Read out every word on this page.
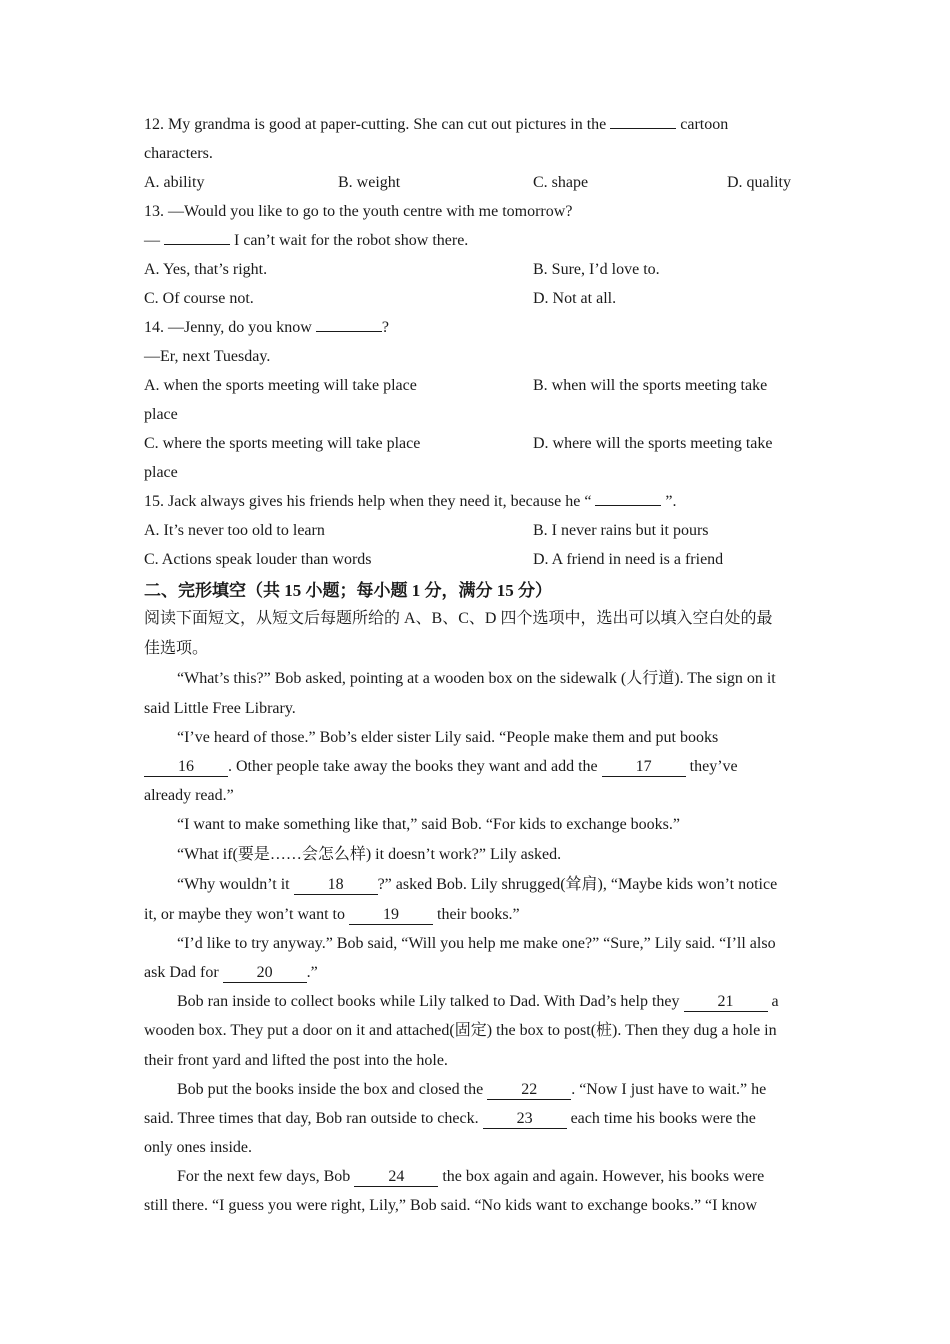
12. My grandma is good at paper-cutting. She can cut out pictures in the	cartoon
characters.
A. ability	B. weight	C. shape	D. quality
13. —Would you like to go to the youth centre with me tomorrow?
—	I can’t wait for the robot show there.
A. Yes, that’s right.	B. Sure, I’d love to.
C. Of course not.	D. Not at all.
14. —Jenny, do you know	?
—Er, next Tuesday.
A. when the sports meeting will take place	B. when will the sports meeting take
place
C. where the sports meeting will take place	D. where will the sports meeting take
place
15. Jack always gives his friends help when they need it, because he “	”.
A. It’s never too old to learn	B. I never rains but it pours
C. Actions speak louder than words	D. A friend in need is a friend
二、完形填空（共 15 小题；每小题 1 分，满分 15 分）
阅读下面短文，从短文后每题所给的 A、B、C、D 四个选项中，选出可以填入空白处的最
佳选项。
“What’s this?” Bob asked, pointing at a wooden box on the sidewalk (人行道). The sign on it
said Little Free Library.
“I’ve heard of those.” Bob’s elder sister Lily said. “People make them and put books
16 . Other people take away the books they want and add the 17 they’ve
already read.”
“I want to make something like that,” said Bob. “For kids to exchange books.”
“What if(要是……会怎么样) it doesn’t work?” Lily asked.
“Why wouldn’t it 18 ?” asked Bob. Lily shrugged(耸肩), “Maybe kids won’t notice
it, or maybe they won’t want to 19 their books.”
“I’d like to try anyway.” Bob said, “Will you help me make one?” “Sure,” Lily said. “I’ll also
ask Dad for 20 .”
Bob ran inside to collect books while Lily talked to Dad. With Dad’s help they 21 a
wooden box. They put a door on it and attached(固定) the box to post(桩). Then they dug a hole in
their front yard and lifted the post into the hole.
Bob put the books inside the box and closed the 22 . “Now I just have to wait.” he
said. Three times that day, Bob ran outside to check. 23 each time his books were the
only ones inside.
For the next few days, Bob 24 the box again and again. However, his books were
still there. “I guess you were right, Lily,” Bob said. “No kids want to exchange books.” “I know
